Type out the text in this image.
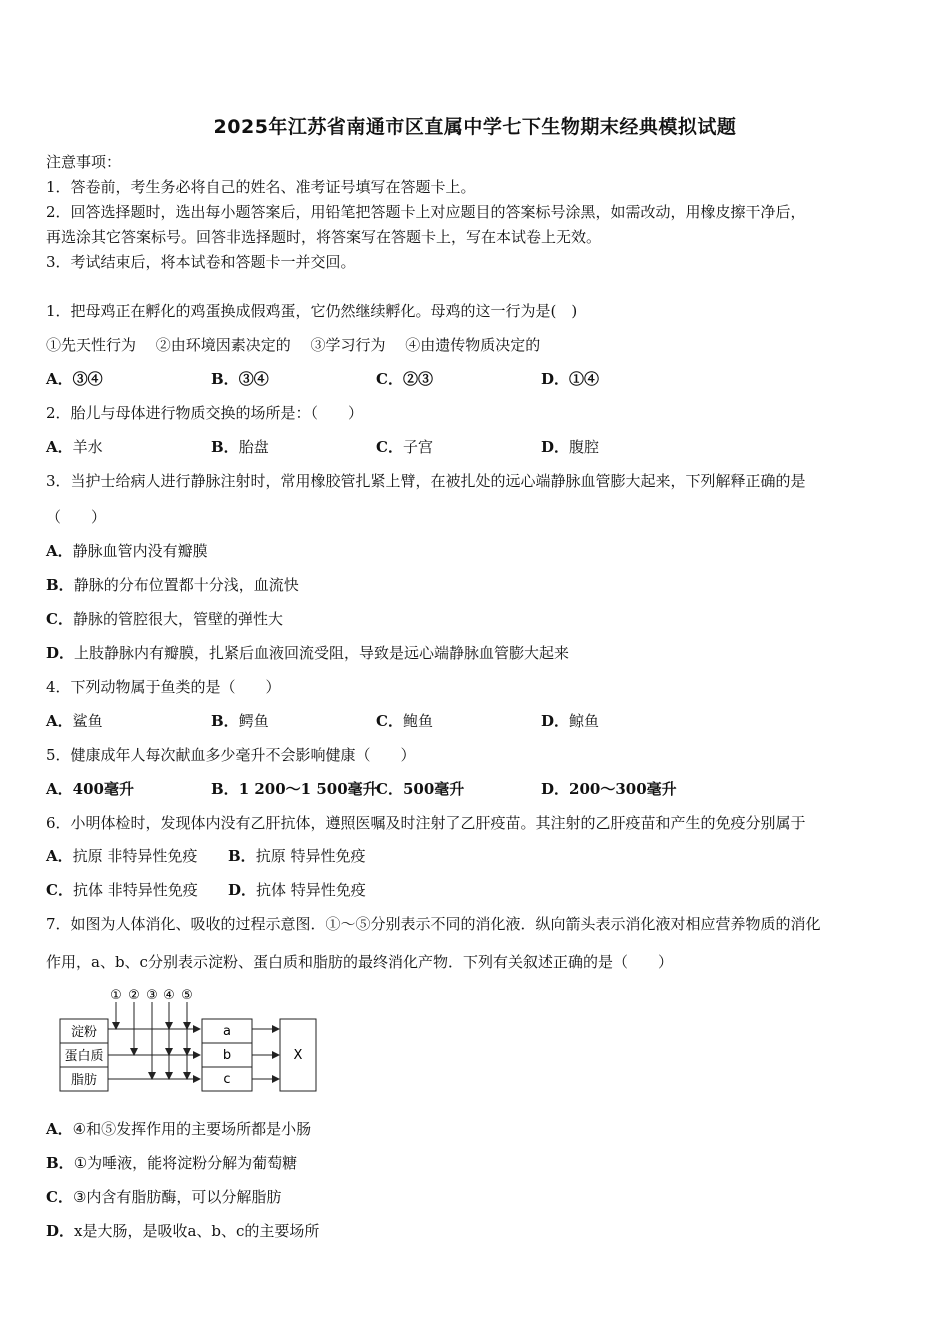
2025年江苏省南通市区直属中学七下生物期末经典模拟试题
注意事项：
1．答卷前，考生务必将自己的姓名、准考证号填写在答题卡上。
2．回答选择题时，选出每小题答案后，用铅笔把答题卡上对应题目的答案标号涂黑，如需改动，用橡皮擦干净后，
再选涂其它答案标号。回答非选择题时，将答案写在答题卡上，写在本试卷上无效。
3．考试结束后，将本试卷和答题卡一并交回。
1．把母鸡正在孵化的鸡蛋换成假鸡蛋，它仍然继续孵化。母鸡的这一行为是(　)
①先天性行为　 ②由环境因素决定的　 ③学习行为　 ④由遗传物质决定的
A．③④	B．③④	C．②③	D．①④
2．胎儿与母体进行物质交换的场所是：（　　）
A．羊水	B．胎盘	C．子宫	D．腹腔
3．当护士给病人进行静脉注射时，常用橡胶管扎紧上臂，在被扎处的远心端静脉血管膨大起来，下列解释正确的是
（　　）
A．静脉血管内没有瓣膜
B．静脉的分布位置都十分浅，血流快
C．静脉的管腔很大，管壁的弹性大
D．上肢静脉内有瓣膜，扎紧后血液回流受阻，导致是远心端静脉血管膨大起来
4．下列动物属于鱼类的是（　　）
A．鲨鱼	B．鳄鱼	C．鲍鱼	D．鲸鱼
5．健康成年人每次献血多少毫升不会影响健康（　　）
A．400毫升	B．1 200～1 500毫升
C．500毫升	D．200～300毫升
6．小明体检时，发现体内没有乙肝抗体，遵照医嘱及时注射了乙肝疫苗。其注射的乙肝疫苗和产生的免疫分别属于
A．抗原 非特异性免疫 B．抗原 特异性免疫
C．抗体 非特异性免疫 D．抗体 特异性免疫
7．如图为人体消化、吸收的过程示意图．①～⑤分别表示不同的消化液．纵向箭头表示消化液对相应营养物质的消化
作用，a、b、c分别表示淀粉、蛋白质和脂肪的最终消化产物．下列有关叙述正确的是（　　）
① ② ③ ④ ⑤
淀粉
蛋白质
脂肪
a
b
c
X
A．④和⑤发挥作用的主要场所都是小肠
B．①为唾液，能将淀粉分解为葡萄糖
C．③内含有脂肪酶，可以分解脂肪
D．x是大肠，是吸收a、b、c的主要场所
